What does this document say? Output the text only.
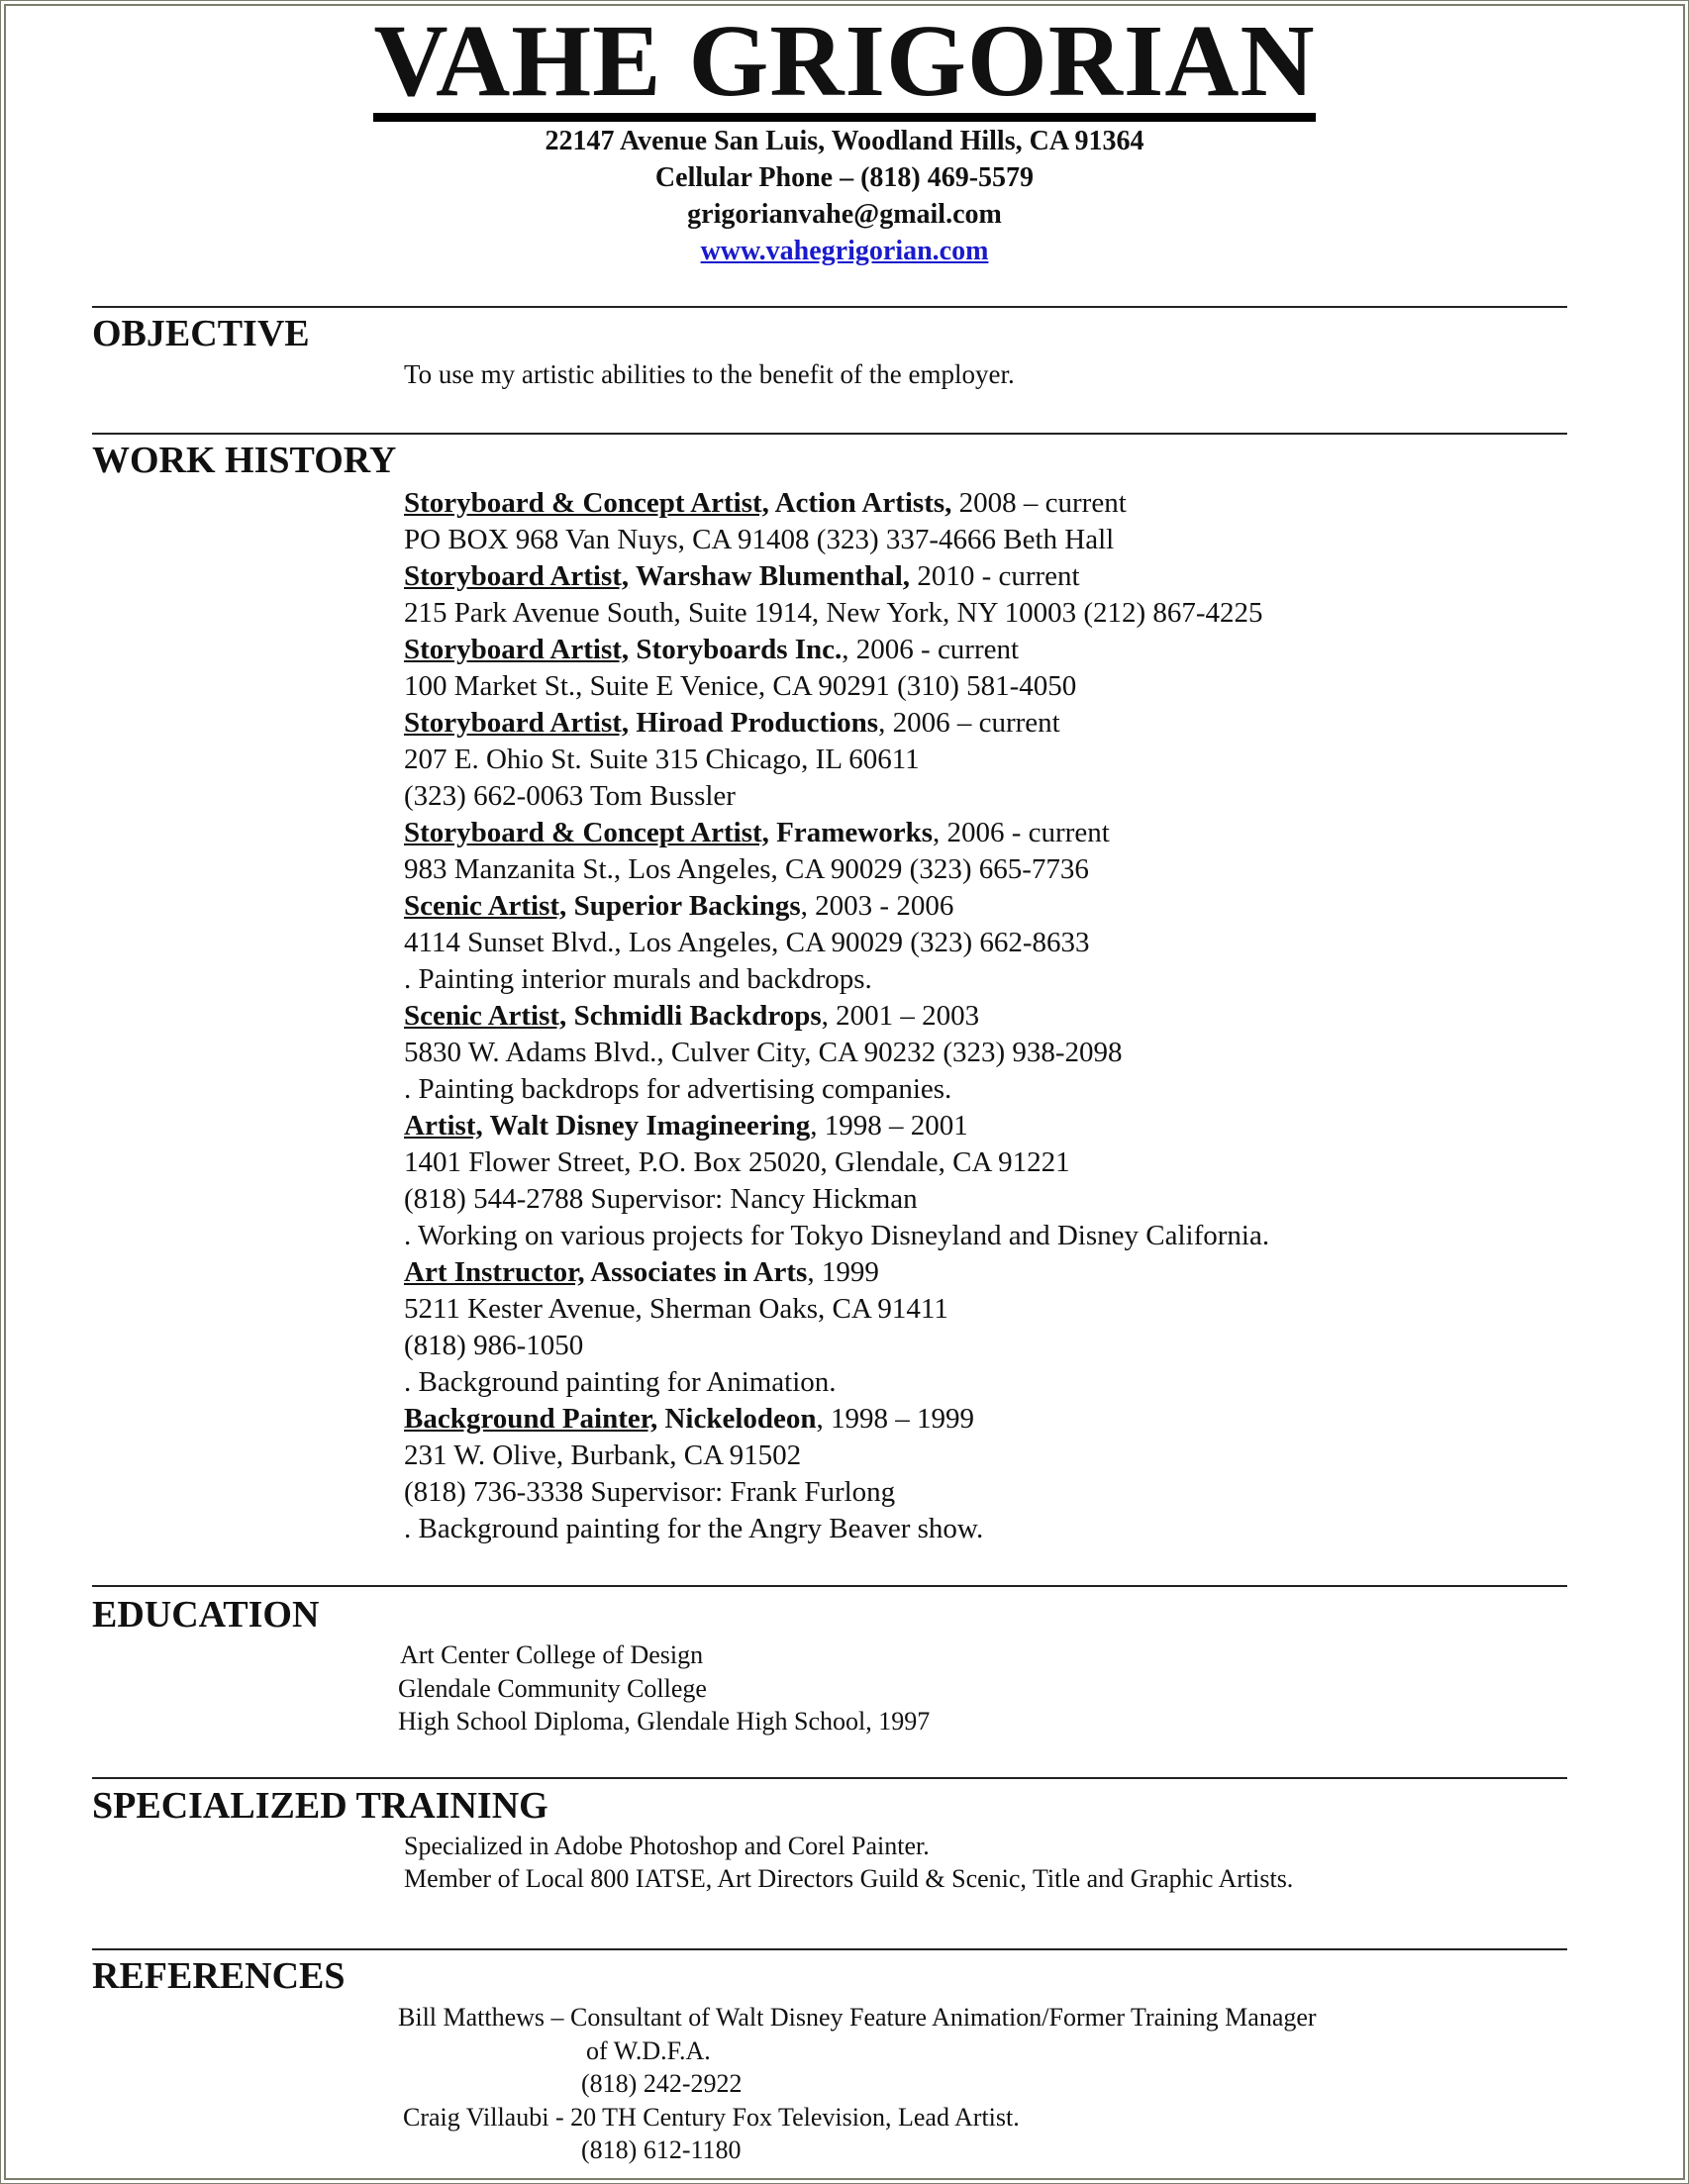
VAHE GRIGORIAN
22147 Avenue San Luis, Woodland Hills, CA 91364
Cellular Phone – (818) 469-5579
grigorianvahe@gmail.com
www.vahegrigorian.com
OBJECTIVE
To use my artistic abilities to the benefit of the employer.
WORK HISTORY
Storyboard & Concept Artist, Action Artists, 2008 – current
PO BOX 968 Van Nuys, CA 91408 (323) 337-4666 Beth Hall
Storyboard Artist, Warshaw Blumenthal, 2010 - current
215 Park Avenue South, Suite 1914, New York, NY 10003 (212) 867-4225
Storyboard Artist, Storyboards Inc., 2006 - current
100 Market St., Suite E Venice, CA 90291 (310) 581-4050
Storyboard Artist, Hiroad Productions, 2006 – current
207 E. Ohio St. Suite 315 Chicago, IL 60611
(323) 662-0063 Tom Bussler
Storyboard & Concept Artist, Frameworks, 2006 - current
983 Manzanita St., Los Angeles, CA 90029 (323) 665-7736
Scenic Artist, Superior Backings, 2003 - 2006
4114 Sunset Blvd., Los Angeles, CA 90029 (323) 662-8633
. Painting interior murals and backdrops.
Scenic Artist, Schmidli Backdrops, 2001 – 2003
5830 W. Adams Blvd., Culver City, CA 90232 (323) 938-2098
. Painting backdrops for advertising companies.
Artist, Walt Disney Imagineering, 1998 – 2001
1401 Flower Street, P.O. Box 25020, Glendale, CA 91221
(818) 544-2788 Supervisor: Nancy Hickman
. Working on various projects for Tokyo Disneyland and Disney California.
Art Instructor, Associates in Arts, 1999
5211 Kester Avenue, Sherman Oaks, CA 91411
(818) 986-1050
. Background painting for Animation.
Background Painter, Nickelodeon, 1998 – 1999
231 W. Olive, Burbank, CA 91502
(818) 736-3338 Supervisor: Frank Furlong
. Background painting for the Angry Beaver show.
EDUCATION
Art Center College of Design
Glendale Community College
High School Diploma, Glendale High School, 1997
SPECIALIZED TRAINING
Specialized in Adobe Photoshop and Corel Painter.
Member of Local 800 IATSE, Art Directors Guild & Scenic, Title and Graphic Artists.
REFERENCES
Bill Matthews – Consultant of Walt Disney Feature Animation/Former Training Manager
of W.D.F.A.
(818) 242-2922
Craig Villaubi - 20 TH Century Fox Television, Lead Artist.
(818) 612-1180
